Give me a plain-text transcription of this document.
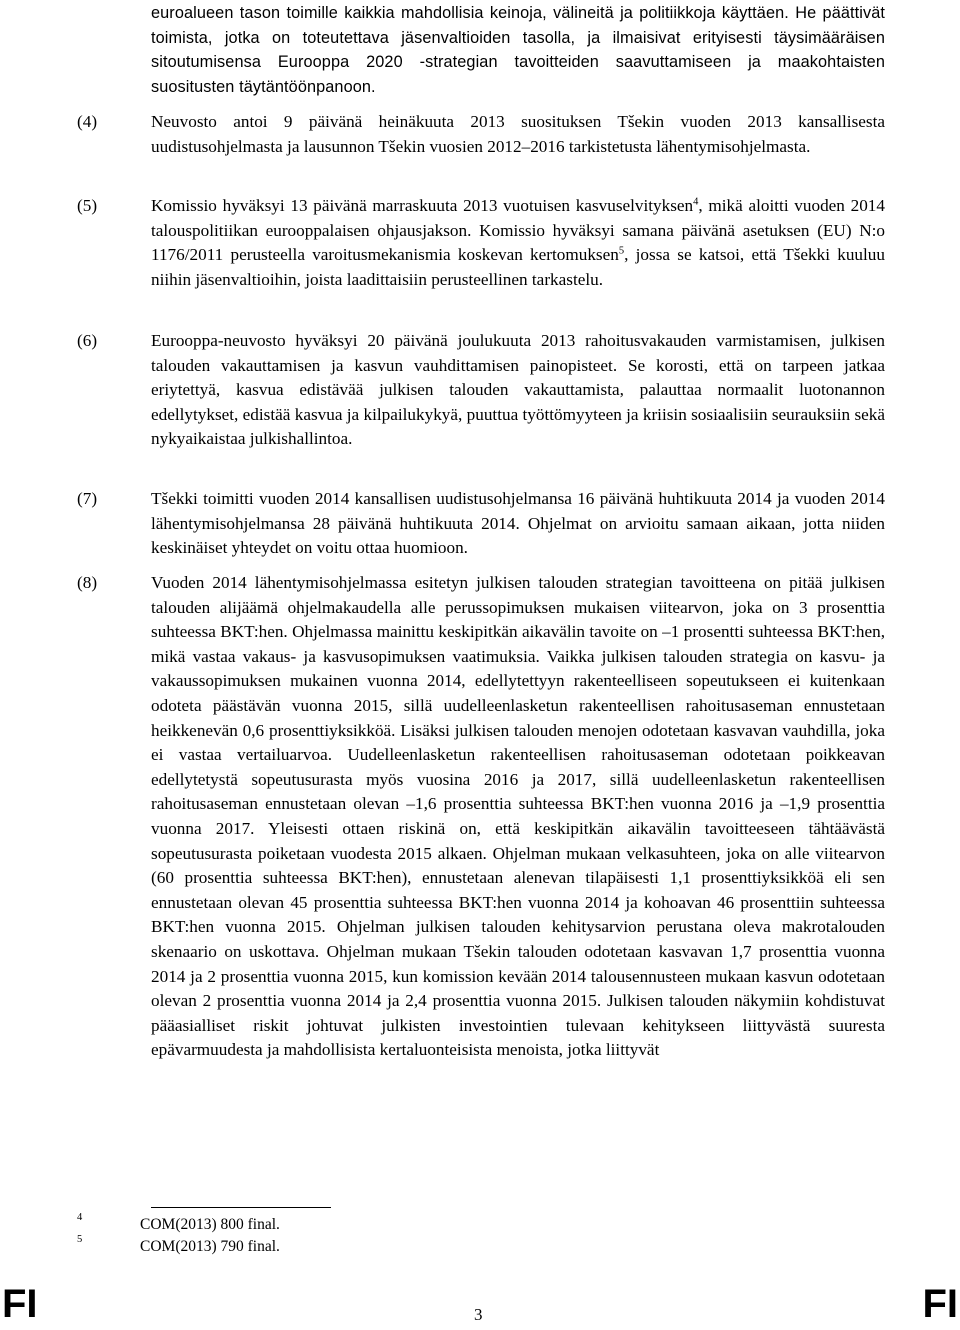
euroalueen tason toimille kaikkia mahdollisia keinoja, välineitä ja politiikkoja käyttäen. He päättivät toimista, jotka on toteutettava jäsenvaltioiden tasolla, ja ilmaisivat erityisesti täysimääräisen sitoutumisensa Eurooppa 2020 -strategian tavoitteiden saavuttamiseen ja maakohtaisten suositusten täytäntöönpanoon.
(4)	Neuvosto antoi 9 päivänä heinäkuuta 2013 suosituksen Tšekin vuoden 2013 kansallisesta uudistusohjelmasta ja lausunnon Tšekin vuosien 2012–2016 tarkistetusta lähentymisohjelmasta.
(5)	Komissio hyväksyi 13 päivänä marraskuuta 2013 vuotuisen kasvuselvityksen$^4$, mikä aloitti vuoden 2014 talouspolitiikan eurooppalaisen ohjausjakson. Komissio hyväksyi samana päivänä asetuksen (EU) N:o 1176/2011 perusteella varoitusmekanismia koskevan kertomuksen$^5$, jossa se katsoi, että Tšekki kuuluu niihin jäsenvaltioihin, joista laadittaisiin perusteellinen tarkastelu.
(6)	Eurooppa-neuvosto hyväksyi 20 päivänä joulukuuta 2013 rahoitusvakauden varmistamisen, julkisen talouden vakauttamisen ja kasvun vauhdittamisen painopisteet. Se korosti, että on tarpeen jatkaa eriytettyä, kasvua edistävää julkisen talouden vakauttamista, palauttaa normaalit luotonannon edellytykset, edistää kasvua ja kilpailukykyä, puuttua työttömyyteen ja kriisin sosiaalisiin seurauksiin sekä nykyaikaistaa julkishallintoa.
(7)	Tšekki toimitti vuoden 2014 kansallisen uudistusohjelmansa 16 päivänä huhtikuuta 2014 ja vuoden 2014 lähentymisohjelmansa 28 päivänä huhtikuuta 2014. Ohjelmat on arvioitu samaan aikaan, jotta niiden keskinäiset yhteydet on voitu ottaa huomioon.
(8)	Vuoden 2014 lähentymisohjelmassa esitetyn julkisen talouden strategian tavoitteena on pitää julkisen talouden alijäämä ohjelmakaudella alle perussopimuksen mukaisen viitearvon, joka on 3 prosenttia suhteessa BKT:hen. Ohjelmassa mainittu keskipitkän aikavälin tavoite on –1 prosentti suhteessa BKT:hen, mikä vastaa vakaus- ja kasvusopimuksen vaatimuksia. Vaikka julkisen talouden strategia on kasvu- ja vakaussopimuksen mukainen vuonna 2014, edellytettyyn rakenteelliseen sopeutukseen ei kuitenkaan odoteta päästävän vuonna 2015, sillä uudelleenlasketun rakenteellisen rahoitusaseman ennustetaan heikkenevän 0,6 prosenttiyksikköä. Lisäksi julkisen talouden menojen odotetaan kasvavan vauhdilla, joka ei vastaa vertailuarvoa. Uudelleenlasketun rakenteellisen rahoitusaseman odotetaan poikkeavan edellytetystä sopeutusurasta myös vuosina 2016 ja 2017, sillä uudelleenlasketun rakenteellisen rahoitusaseman ennustetaan olevan –1,6 prosenttia suhteessa BKT:hen vuonna 2016 ja –1,9 prosenttia vuonna 2017. Yleisesti ottaen riskinä on, että keskipitkän aikavälin tavoitteeseen tähtäävästä sopeutusurasta poiketaan vuodesta 2015 alkaen. Ohjelman mukaan velkasuhteen, joka on alle viitearvon (60 prosenttia suhteessa BKT:hen), ennustetaan alenevan tilapäisesti 1,1 prosenttiyksikköä eli sen ennustetaan olevan 45 prosenttia suhteessa BKT:hen vuonna 2014 ja kohoavan 46 prosenttiin suhteessa BKT:hen vuonna 2015. Ohjelman julkisen talouden kehitysarvion perustana oleva makrotalouden skenaario on uskottava. Ohjelman mukaan Tšekin talouden odotetaan kasvavan 1,7 prosenttia vuonna 2014 ja 2 prosenttia vuonna 2015, kun komission kevään 2014 talousennusteen mukaan kasvun odotetaan olevan 2 prosenttia vuonna 2014 ja 2,4 prosenttia vuonna 2015. Julkisen talouden näkymiin kohdistuvat pääasialliset riskit johtuvat julkisten investointien tulevaan kehitykseen liittyvästä suuresta epävarmuudesta ja mahdollisista kertaluonteisista menoista, jotka liittyvät
4	COM(2013) 800 final.
5	COM(2013) 790 final.
FI	3	FI
